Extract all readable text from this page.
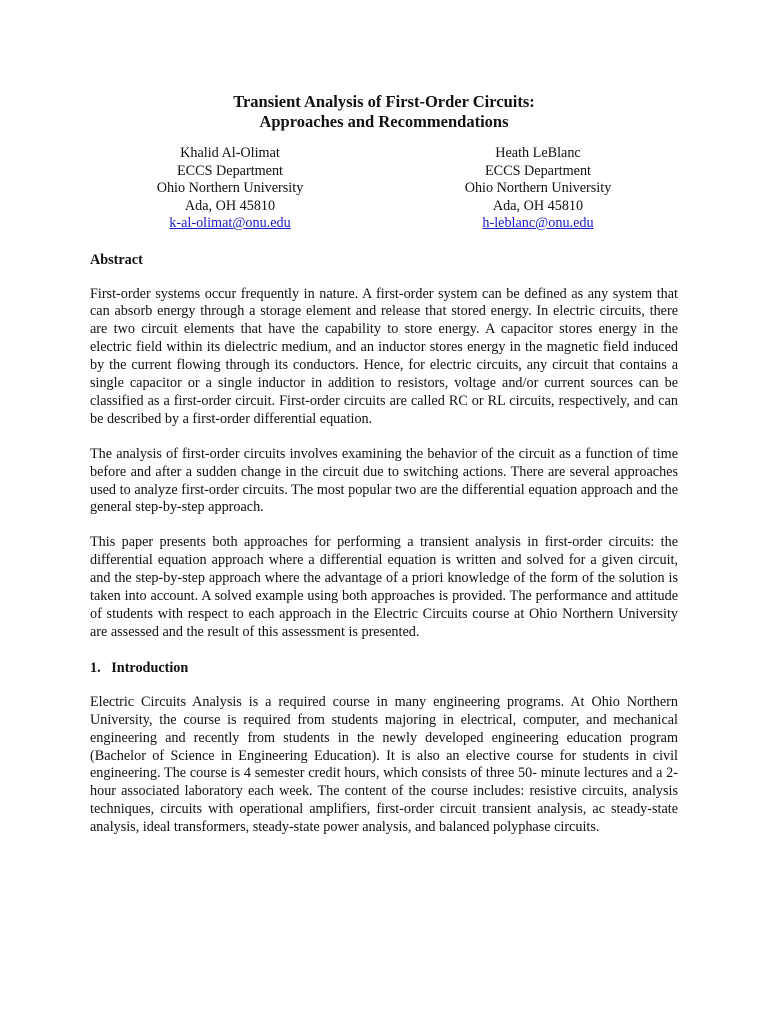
Transient Analysis of First-Order Circuits:
Approaches and Recommendations
Khalid Al-Olimat
ECCS Department
Ohio Northern University
Ada, OH 45810
k-al-olimat@onu.edu
Heath LeBlanc
ECCS Department
Ohio Northern University
Ada, OH 45810
h-leblanc@onu.edu
Abstract

First-order systems occur frequently in nature. A first-order system can be defined as any system that can absorb energy through a storage element and release that stored energy. In electric circuits, there are two circuit elements that have the capability to store energy. A capacitor stores energy in the electric field within its dielectric medium, and an inductor stores energy in the magnetic field induced by the current flowing through its conductors. Hence, for electric circuits, any circuit that contains a single capacitor or a single inductor in addition to resistors, voltage and/or current sources can be classified as a first-order circuit. First-order circuits are called RC or RL circuits, respectively, and can be described by a first-order differential equation.

The analysis of first-order circuits involves examining the behavior of the circuit as a function of time before and after a sudden change in the circuit due to switching actions. There are several approaches used to analyze first-order circuits. The most popular two are the differential equation approach and the general step-by-step approach.

This paper presents both approaches for performing a transient analysis in first-order circuits: the differential equation approach where a differential equation is written and solved for a given circuit, and the step-by-step approach where the advantage of a priori knowledge of the form of the solution is taken into account. A solved example using both approaches is provided. The performance and attitude of students with respect to each approach in the Electric Circuits course at Ohio Northern University are assessed and the result of this assessment is presented.

1.   Introduction

Electric Circuits Analysis is a required course in many engineering programs. At Ohio Northern University, the course is required from students majoring in electrical, computer, and mechanical engineering and recently from students in the newly developed engineering education program (Bachelor of Science in Engineering Education). It is also an elective course for students in civil engineering. The course is 4 semester credit hours, which consists of three 50- minute lectures and a 2-hour associated laboratory each week. The content of the course includes: resistive circuits, analysis techniques, circuits with operational amplifiers, first-order circuit transient analysis, ac steady-state analysis, ideal transformers, steady-state power analysis, and balanced polyphase circuits.
